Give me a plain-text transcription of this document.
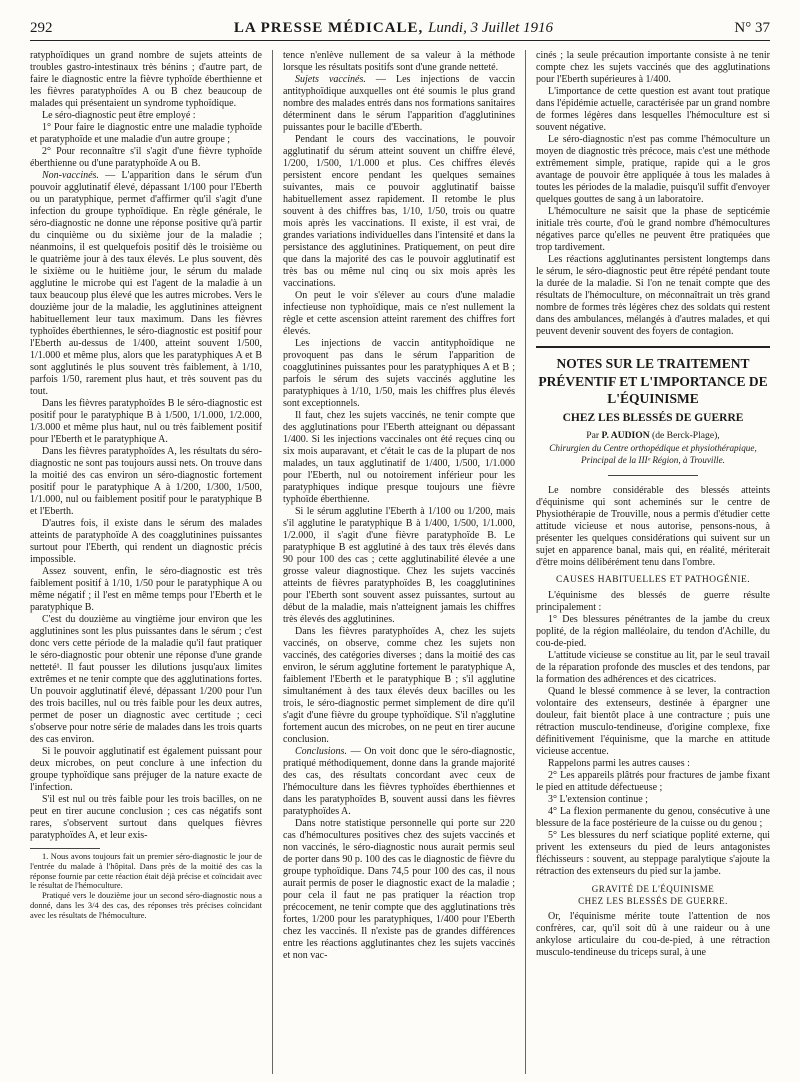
292	LA PRESSE MÉDICALE, Lundi, 3 Juillet 1916	N° 37

ratyphoïdiques un grand nombre de sujets atteints de troubles gastro-intestinaux très bénins ; d'autre part, de faire le diagnostic entre la fièvre typhoïde éberthienne et les fièvres paratyphoïdes A ou B chez beaucoup de malades qui présentaient un syndrome typhoïdique.

Le séro-diagnostic peut être employé :

1° Pour faire le diagnostic entre une maladie typhoïde et paratyphoïde et une maladie d'un autre groupe ;

2° Pour reconnaître s'il s'agit d'une fièvre typhoïde éberthienne ou d'une paratyphoïde A ou B.

Non-vaccinés. — L'apparition dans le sérum d'un pouvoir agglutinatif élevé, dépassant 1/100 pour l'Eberth ou un paratyphique, permet d'affirmer qu'il s'agit d'une infection du groupe typhoïdique. En règle générale, le séro-diagnostic ne donne une réponse positive qu'à partir du cinquième ou du sixième jour de la maladie ; néanmoins, il est quelquefois positif dès le troisième ou le quatrième jour à des taux élevés. Le plus souvent, dès le sixième ou le huitième jour, le sérum du malade agglutine le microbe qui est l'agent de la maladie à un taux beaucoup plus élevé que les autres microbes. Vers le douzième jour de la maladie, les agglutinines atteignent habituellement leur taux maximum. Dans les fièvres typhoïdes éberthiennes, le séro-diagnostic est positif pour l'Eberth au-dessus de 1/400, atteint souvent 1/500, 1/1.000 et même plus, alors que les paratyphiques A et B sont agglutinés le plus souvent très faiblement, à 1/10, parfois 1/50, rarement plus haut, et très souvent pas du tout.

Dans les fièvres paratyphoïdes B le séro-diagnostic est positif pour le paratyphique B à 1/500, 1/1.000, 1/2.000, 1/3.000 et même plus haut, nul ou très faiblement positif pour l'Eberth et le paratyphique A.

Dans les fièvres paratyphoïdes A, les résultats du séro-diagnostic ne sont pas toujours aussi nets. On trouve dans la moitié des cas environ un séro-diagnostic fortement positif pour le paratyphique A à 1/200, 1/300, 1/500, 1/1.000, nul ou faiblement positif pour le paratyphique B et l'Eberth.

D'autres fois, il existe dans le sérum des malades atteints de paratyphoïde A des coagglutinines puissantes surtout pour l'Eberth, qui rendent un diagnostic précis impossible.

Assez souvent, enfin, le séro-diagnostic est très faiblement positif à 1/10, 1/50 pour le paratyphique A ou même négatif ; il l'est en même temps pour l'Eberth et le paratyphique B.

C'est du douzième au vingtième jour environ que les agglutinines sont les plus puissantes dans le sérum ; c'est donc vers cette période de la maladie qu'il faut pratiquer le séro-diagnostic pour obtenir une réponse d'une grande netteté¹. Il faut pousser les dilutions jusqu'aux limites extrêmes et ne tenir compte que des agglutinations fortes. Un pouvoir agglutinatif élevé, dépassant 1/200 pour l'un des trois bacilles, nul ou très faible pour les deux autres, permet de poser un diagnostic avec certitude ; ceci s'observe pour notre série de malades dans les trois quarts des cas environ.

Si le pouvoir agglutinatif est également puissant pour deux microbes, on peut conclure à une infection du groupe typhoïdique sans préjuger de la nature exacte de l'infection.

S'il est nul ou très faible pour les trois bacilles, on ne peut en tirer aucune conclusion ; ces cas négatifs sont rares, s'observent surtout dans quelques fièvres paratyphoïdes A, et leur exis-

1. Nous avons toujours fait un premier séro-diagnostic le jour de l'entrée du malade à l'hôpital. Dans près de la moitié des cas la réponse fournie par cette réaction était déjà précise et coïncidait avec le résultat de l'hémoculture.

Pratiqué vers le douzième jour un second séro-diagnostic nous a donné, dans les 3/4 des cas, des réponses très précises coïncidant avec les résultats de l'hémoculture.

tence n'enlève nullement de sa valeur à la méthode lorsque les résultats positifs sont d'une grande netteté.

Sujets vaccinés. — Les injections de vaccin antityphoïdique auxquelles ont été soumis le plus grand nombre des malades entrés dans nos formations sanitaires déterminent dans le sérum l'apparition d'agglutinines puissantes pour le bacille d'Eberth.

Pendant le cours des vaccinations, le pouvoir agglutinatif du sérum atteint souvent un chiffre élevé, 1/200, 1/500, 1/1.000 et plus. Ces chiffres élevés persistent encore pendant les quelques semaines suivantes, mais ce pouvoir agglutinatif baisse habituellement assez rapidement. Il retombe le plus souvent à des chiffres bas, 1/10, 1/50, trois ou quatre mois après les vaccinations. Il existe, il est vrai, de grandes variations individuelles dans l'intensité et dans la persistance des agglutinines. Pratiquement, on peut dire que dans la majorité des cas le pouvoir agglutinatif est très bas ou même nul cinq ou six mois après les vaccinations.

On peut le voir s'élever au cours d'une maladie infectieuse non typhoïdique, mais ce n'est nullement la règle et cette ascension atteint rarement des chiffres fort élevés.

Les injections de vaccin antityphoïdique ne provoquent pas dans le sérum l'apparition de coagglutinines puissantes pour les paratyphiques A et B ; parfois le sérum des sujets vaccinés agglutine les paratyphiques à 1/10, 1/50, mais les chiffres plus élevés sont exceptionnels.

Il faut, chez les sujets vaccinés, ne tenir compte que des agglutinations pour l'Eberth atteignant ou dépassant 1/400. Si les injections vaccinales ont été reçues cinq ou six mois auparavant, et c'était le cas de la plupart de nos malades, un taux agglutinatif de 1/400, 1/500, 1/1.000 pour l'Eberth, nul ou notoirement inférieur pour les paratyphiques indique presque toujours une fièvre typhoïde éberthienne.

Si le sérum agglutine l'Eberth à 1/100 ou 1/200, mais s'il agglutine le paratyphique B à 1/400, 1/500, 1/1.000, 1/2.000, il s'agit d'une fièvre paratyphoïde B. Le paratyphique B est agglutiné à des taux très élevés dans 90 pour 100 des cas ; cette agglutinabilité élevée a une grosse valeur diagnostique. Chez les sujets vaccinés atteints de fièvres paratyphoïdes B, les coagglutinines pour l'Eberth sont souvent assez puissantes, surtout au début de la maladie, mais n'atteignent jamais les chiffres très élevés des agglutinines.

Dans les fièvres paratyphoïdes A, chez les sujets vaccinés, on observe, comme chez les sujets non vaccinés, des catégories diverses ; dans la moitié des cas environ, le sérum agglutine fortement le paratyphique A, faiblement l'Eberth et le paratyphique B ; s'il agglutine simultanément à des taux élevés deux bacilles ou les trois, le séro-diagnostic permet simplement de dire qu'il s'agit d'une fièvre du groupe typhoïdique. S'il n'agglutine fortement aucun des microbes, on ne peut en tirer aucune conclusion.

Conclusions. — On voit donc que le séro-diagnostic, pratiqué méthodiquement, donne dans la grande majorité des cas, des résultats concordant avec ceux de l'hémoculture dans les fièvres typhoïdes éberthiennes et dans les paratyphoïdes B, souvent aussi dans les fièvres paratyphoïdes A.

Dans notre statistique personnelle qui porte sur 220 cas d'hémocultures positives chez des sujets vaccinés et non vaccinés, le séro-diagnostic nous aurait permis seul de porter dans 90 p. 100 des cas le diagnostic de fièvre du groupe typhoïdique. Dans 74,5 pour 100 des cas, il nous aurait permis de poser le diagnostic exact de la maladie ; pour cela il faut ne pas pratiquer la réaction trop précocement, ne tenir compte que des agglutinations très fortes, 1/200 pour les paratyphiques, 1/400 pour l'Eberth chez les vaccinés. Il n'existe pas de grandes différences entre les réactions agglutinantes chez les sujets vaccinés et non vac-

cinés ; la seule précaution importante consiste à ne tenir compte chez les sujets vaccinés que des agglutinations pour l'Eberth supérieures à 1/400.

L'importance de cette question est avant tout pratique dans l'épidémie actuelle, caractérisée par un grand nombre de formes légères dans lesquelles l'hémoculture est si souvent négative.

Le séro-diagnostic n'est pas comme l'hémoculture un moyen de diagnostic très précoce, mais c'est une méthode extrêmement simple, pratique, rapide qui a le gros avantage de pouvoir être appliquée à tous les malades à toutes les périodes de la maladie, puisqu'il suffit d'envoyer quelques gouttes de sang à un laboratoire.

L'hémoculture ne saisit que la phase de septicémie initiale très courte, d'où le grand nombre d'hémocultures négatives parce qu'elles ne peuvent être pratiquées que trop tardivement.

Les réactions agglutinantes persistent longtemps dans le sérum, le séro-diagnostic peut être répété pendant toute la durée de la maladie. Si l'on ne tenait compte que des résultats de l'hémoculture, on méconnaîtrait un très grand nombre de formes très légères chez des soldats qui restent dans des ambulances, mélangés à d'autres malades, et qui peuvent devenir souvent des foyers de contagion.

NOTES SUR LE TRAITEMENT PRÉVENTIF ET L'IMPORTANCE DE L'ÉQUINISME
CHEZ LES BLESSÉS DE GUERRE
Par P. AUDION (de Berck-Plage),
Chirurgien du Centre orthopédique et physiothérapique, Principal de la IIIᵉ Région, à Trouville.

Le nombre considérable des blessés atteints d'équinisme qui sont acheminés sur le centre de Physiothérapie de Trouville, nous a permis d'étudier cette attitude vicieuse et nous autorise, pensons-nous, à présenter les quelques considérations qui suivent sur un sujet en apparence banal, mais qui, en réalité, mériterait d'être moins délibérément tenu dans l'ombre.

CAUSES HABITUELLES ET PATHOGÉNIE.

L'équinisme des blessés de guerre résulte principalement :

1° Des blessures pénétrantes de la jambe du creux poplité, de la région malléolaire, du tendon d'Achille, du cou-de-pied.

L'attitude vicieuse se constitue au lit, par le seul travail de la réparation profonde des muscles et des tendons, par la formation des adhérences et des cicatrices.

Quand le blessé commence à se lever, la contraction volontaire des extenseurs, destinée à épargner une douleur, fait bientôt place à une contracture ; puis une rétraction musculo-tendineuse, d'origine complexe, fixe définitivement l'équinisme, que la marche en attitude vicieuse accentue.

Rappelons parmi les autres causes :

2° Les appareils plâtrés pour fractures de jambe fixant le pied en attitude défectueuse ;

3° L'extension continue ;

4° La flexion permanente du genou, consécutive à une blessure de la face postérieure de la cuisse ou du genou ;

5° Les blessures du nerf sciatique poplité externe, qui privent les extenseurs du pied de leurs antagonistes fléchisseurs : souvent, au steppage paralytique s'ajoute la rétraction des extenseurs du pied sur la jambe.

GRAVITÉ DE L'ÉQUINISME
CHEZ LES BLESSÉS DE GUERRE.

Or, l'équinisme mérite toute l'attention de nos confrères, car, qu'il soit dû à une raideur ou à une ankylose articulaire du cou-de-pied, à une rétraction musculo-tendineuse du triceps sural, à une
